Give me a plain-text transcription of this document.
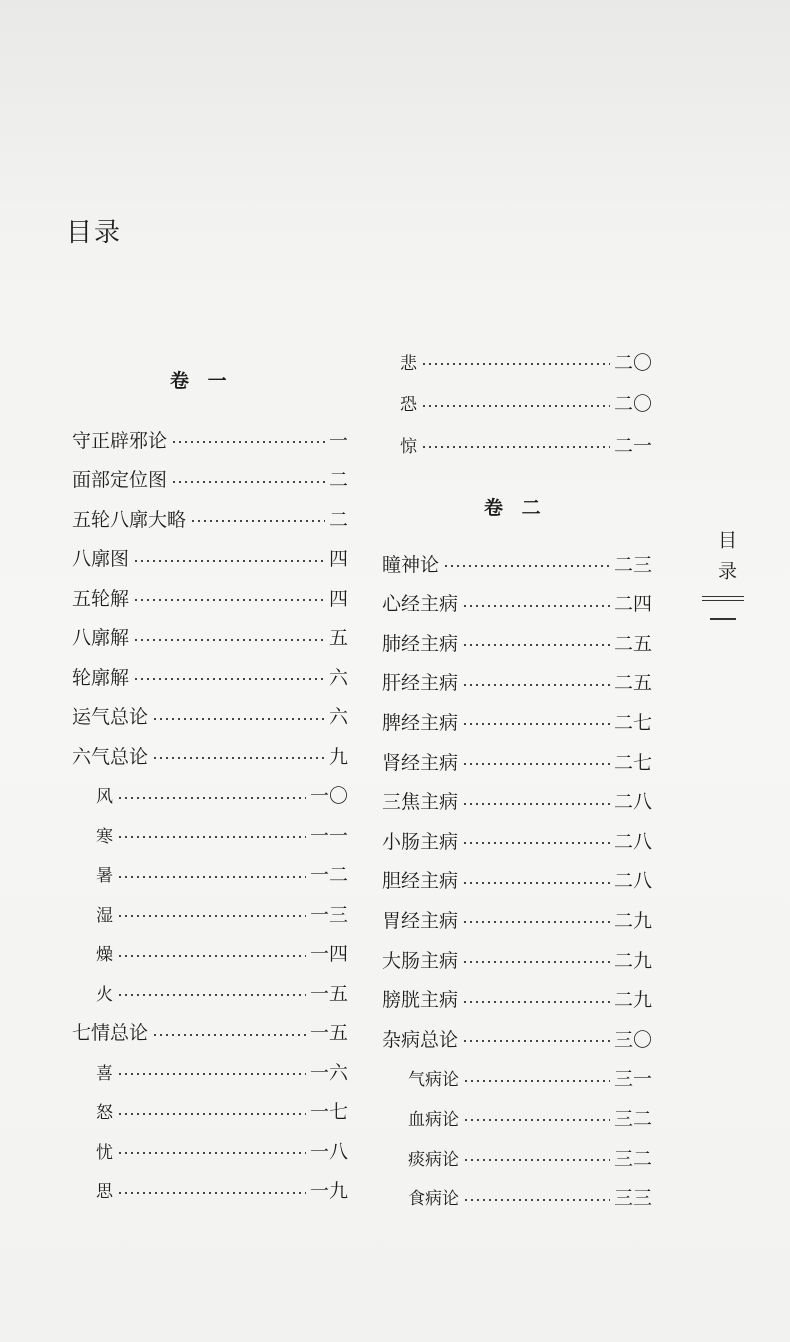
目录
卷 一
守正辟邪论	一
面部定位图	二
五轮八廓大略	二
八廓图	四
五轮解	四
八廓解	五
轮廓解	六
运气总论	六
六气总论	九
风	一〇
寒	一一
暑	一二
湿	一三
燥	一四
火	一五
七情总论	一五
喜	一六
怒	一七
忧	一八
思	一九
悲	二〇
恐	二〇
惊	二一
卷 二
瞳神论	二三
心经主病	二四
肺经主病	二五
肝经主病	二五
脾经主病	二七
肾经主病	二七
三焦主病	二八
小肠主病	二八
胆经主病	二八
胃经主病	二九
大肠主病	二九
膀胱主病	二九
杂病总论	三〇
气病论	三一
血病论	三二
痰病论	三二
食病论	三三
目录
